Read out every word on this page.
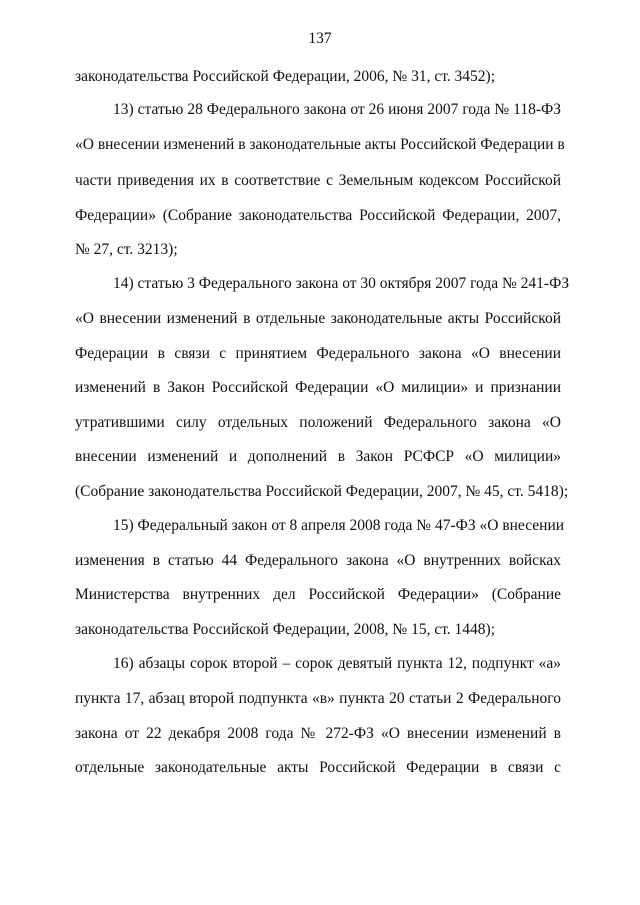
137
законодательства Российской Федерации, 2006, № 31, ст. 3452);
13) статью 28 Федерального закона от 26 июня 2007 года № 118-ФЗ
«О внесении изменений в законодательные акты Российской Федерации в
части приведения их в соответствие с Земельным кодексом Российской
Федерации» (Собрание законодательства Российской Федерации, 2007,
№ 27, ст. 3213);
14) статью 3 Федерального закона от 30 октября 2007 года № 241-ФЗ
«О внесении изменений в отдельные законодательные акты Российской
Федерации в связи с принятием Федерального закона «О внесении
изменений в Закон Российской Федерации «О милиции» и признании
утратившими силу отдельных положений Федерального закона «О
внесении изменений и дополнений в Закон РСФСР «О милиции»
(Собрание законодательства Российской Федерации, 2007, № 45, ст. 5418);
15) Федеральный закон от 8 апреля 2008 года № 47-ФЗ «О внесении
изменения в статью 44 Федерального закона «О внутренних войсках
Министерства внутренних дел Российской Федерации» (Собрание
законодательства Российской Федерации, 2008, № 15, ст. 1448);
16) абзацы сорок второй – сорок девятый пункта 12, подпункт «а»
пункта 17, абзац второй подпункта «в» пункта 20 статьи 2 Федерального
закона от 22 декабря 2008 года № 272-ФЗ «О внесении изменений в
отдельные законодательные акты Российской Федерации в связи с
